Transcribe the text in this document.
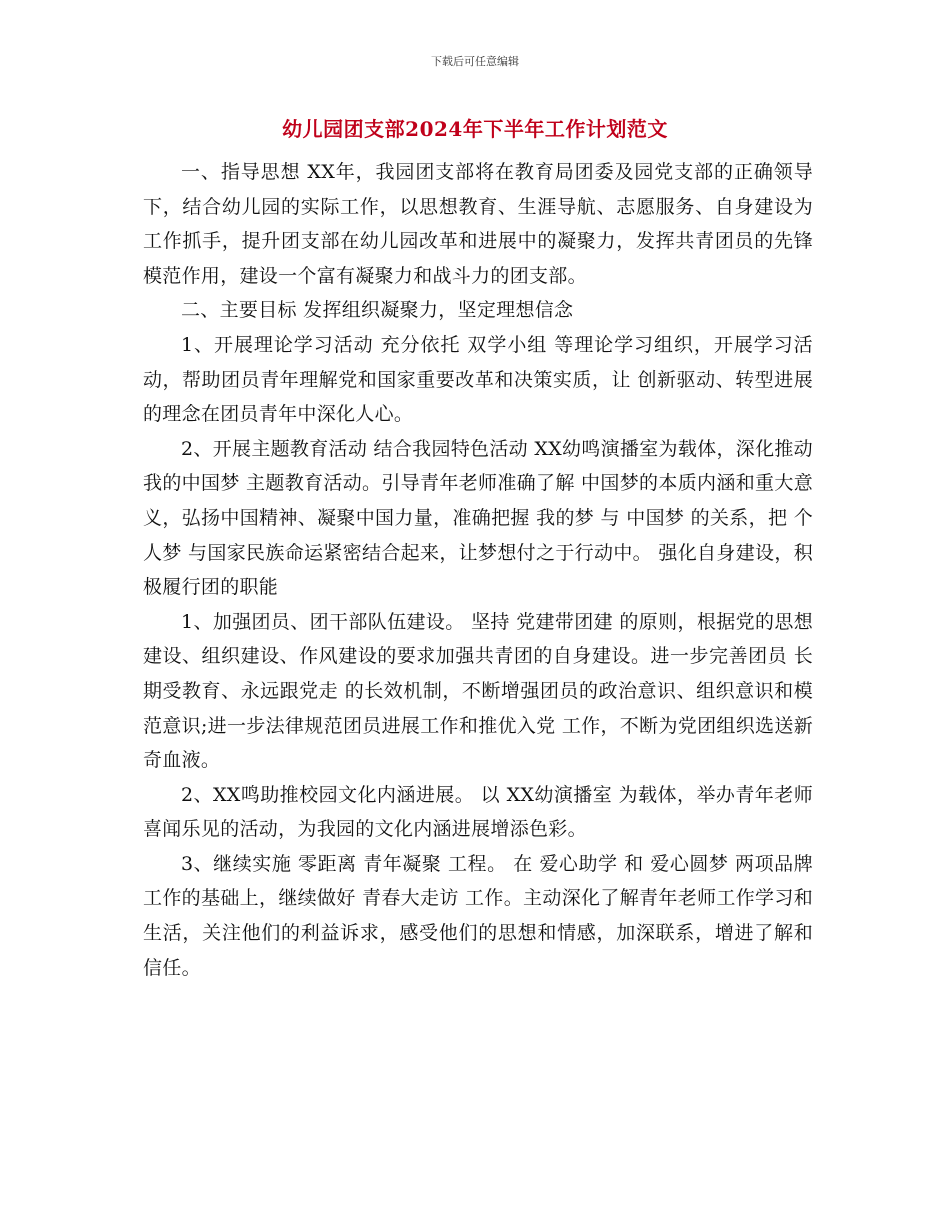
下载后可任意编辑
幼儿园团支部2024年下半年工作计划范文

一、指导思想 XX年，我园团支部将在教育局团委及园党支部的正确领导下，结合幼儿园的实际工作，以思想教育、生涯导航、志愿服务、自身建设为工作抓手，提升团支部在幼儿园改革和进展中的凝聚力，发挥共青团员的先锋模范作用，建设一个富有凝聚力和战斗力的团支部。

二、主要目标 发挥组织凝聚力，坚定理想信念

1、开展理论学习活动 充分依托 双学小组 等理论学习组织，开展学习活动，帮助团员青年理解党和国家重要改革和决策实质，让 创新驱动、转型进展 的理念在团员青年中深化人心。

2、开展主题教育活动 结合我园特色活动 XX幼鸣演播室为载体，深化推动 我的中国梦 主题教育活动。引导青年老师准确了解 中国梦的本质内涵和重大意义，弘扬中国精神、凝聚中国力量，准确把握 我的梦 与 中国梦 的关系，把 个人梦 与国家民族命运紧密结合起来，让梦想付之于行动中。 强化自身建设，积极履行团的职能

1、加强团员、团干部队伍建设。 坚持 党建带团建 的原则，根据党的思想建设、组织建设、作风建设的要求加强共青团的自身建设。进一步完善团员 长期受教育、永远跟党走 的长效机制，不断增强团员的政治意识、组织意识和模范意识;进一步法律规范团员进展工作和推优入党 工作，不断为党团组织选送新奇血液。

2、XX鸣助推校园文化内涵进展。 以 XX幼演播室 为载体，举办青年老师喜闻乐见的活动，为我园的文化内涵进展增添色彩。

3、继续实施 零距离 青年凝聚 工程。 在 爱心助学 和 爱心圆梦 两项品牌工作的基础上，继续做好 青春大走访 工作。主动深化了解青年老师工作学习和生活，关注他们的利益诉求，感受他们的思想和情感，加深联系，增进了解和信任。
